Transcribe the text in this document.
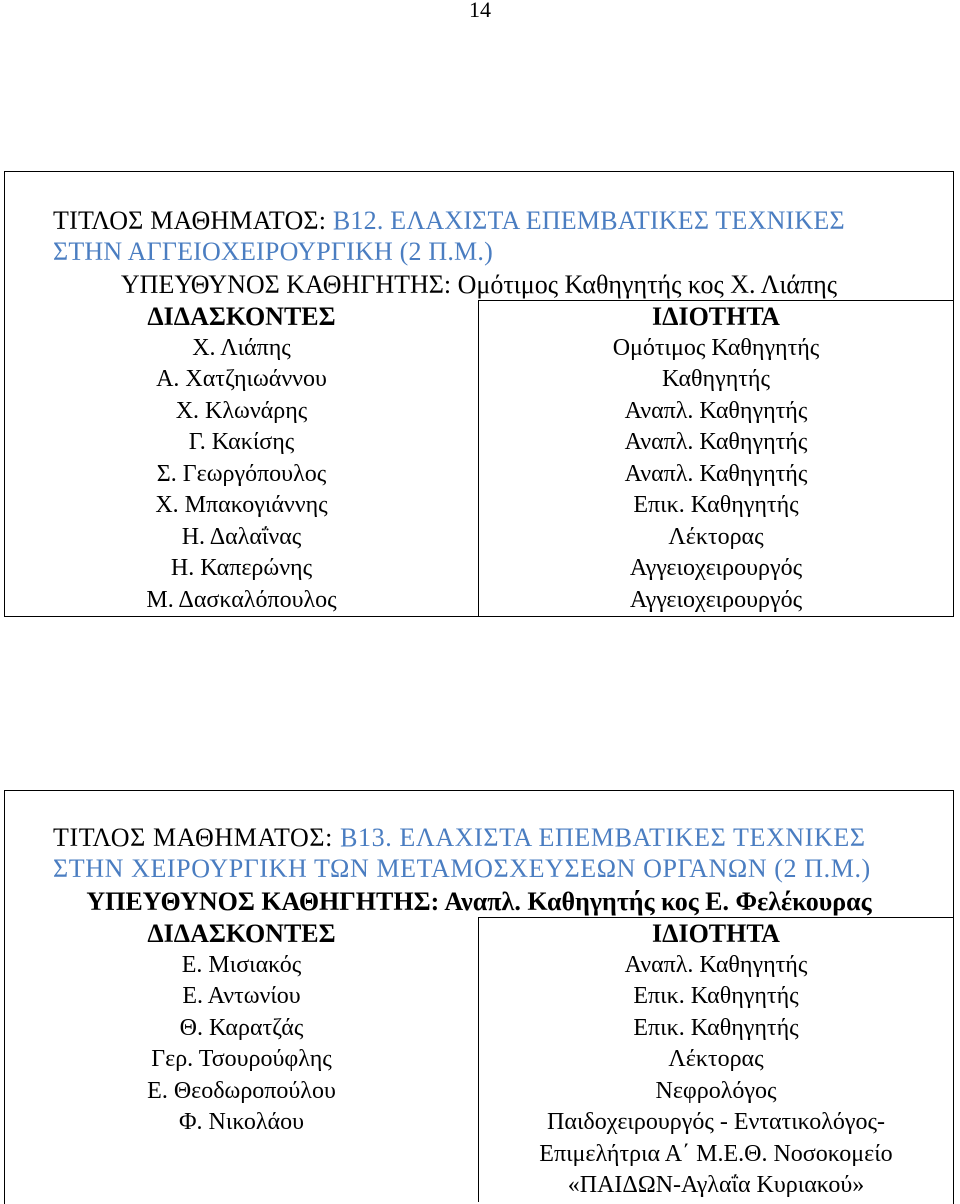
14
ΤΙΤΛΟΣ ΜΑΘΗΜΑΤΟΣ: Β12. ΕΛΑΧΙΣΤΑ ΕΠΕΜΒΑΤΙΚΕΣ ΤΕΧΝΙΚΕΣ
ΣΤΗΝ ΑΓΓΕΙΟΧΕΙΡΟΥΡΓΙΚΗ (2 Π.Μ.)
ΥΠΕΥΘΥΝΟΣ ΚΑΘΗΓΗΤΗΣ: Ομότιμος Καθηγητής κος Χ. Λιάπης
ΔΙΔΑΣΚΟΝΤΕΣ	ΙΔΙΟΤΗΤΑ
Χ. Λιάπης	Ομότιμος Καθηγητής
Α. Χατζηιωάννου	Καθηγητής
Χ. Κλωνάρης	Αναπλ. Καθηγητής
Γ. Κακίσης	Αναπλ. Καθηγητής
Σ. Γεωργόπουλος	Αναπλ. Καθηγητής
Χ. Μπακογιάννης	Επικ. Καθηγητής
Η. Δαλαΐνας	Λέκτορας
Η. Καπερώνης	Αγγειοχειρουργός
Μ. Δασκαλόπουλος	Αγγειοχειρουργός
ΤΙΤΛΟΣ ΜΑΘΗΜΑΤΟΣ: Β13. ΕΛΑΧΙΣΤΑ ΕΠΕΜΒΑΤΙΚΕΣ ΤΕΧΝΙΚΕΣ
ΣΤΗΝ ΧΕΙΡΟΥΡΓΙΚΗ ΤΩΝ ΜΕΤΑΜΟΣΧΕΥΣΕΩΝ ΟΡΓΑΝΩΝ (2 Π.Μ.)
ΥΠΕΥΘΥΝΟΣ ΚΑΘΗΓΗΤΗΣ: Αναπλ. Καθηγητής κος Ε. Φελέκουρας
ΔΙΔΑΣΚΟΝΤΕΣ	ΙΔΙΟΤΗΤΑ
Ε. Μισιακός	Αναπλ. Καθηγητής
Ε. Αντωνίου	Επικ. Καθηγητής
Θ. Καρατζάς	Επικ. Καθηγητής
Γερ. Τσουρούφλης	Λέκτορας
Ε. Θεοδωροπούλου	Νεφρολόγος
Φ. Νικολάου	Παιδοχειρουργός - Εντατικολόγος-
Επιμελήτρια Α΄ Μ.Ε.Θ. Νοσοκομείο
«ΠΑΙΔΩΝ-Αγλαΐα Κυριακού»
